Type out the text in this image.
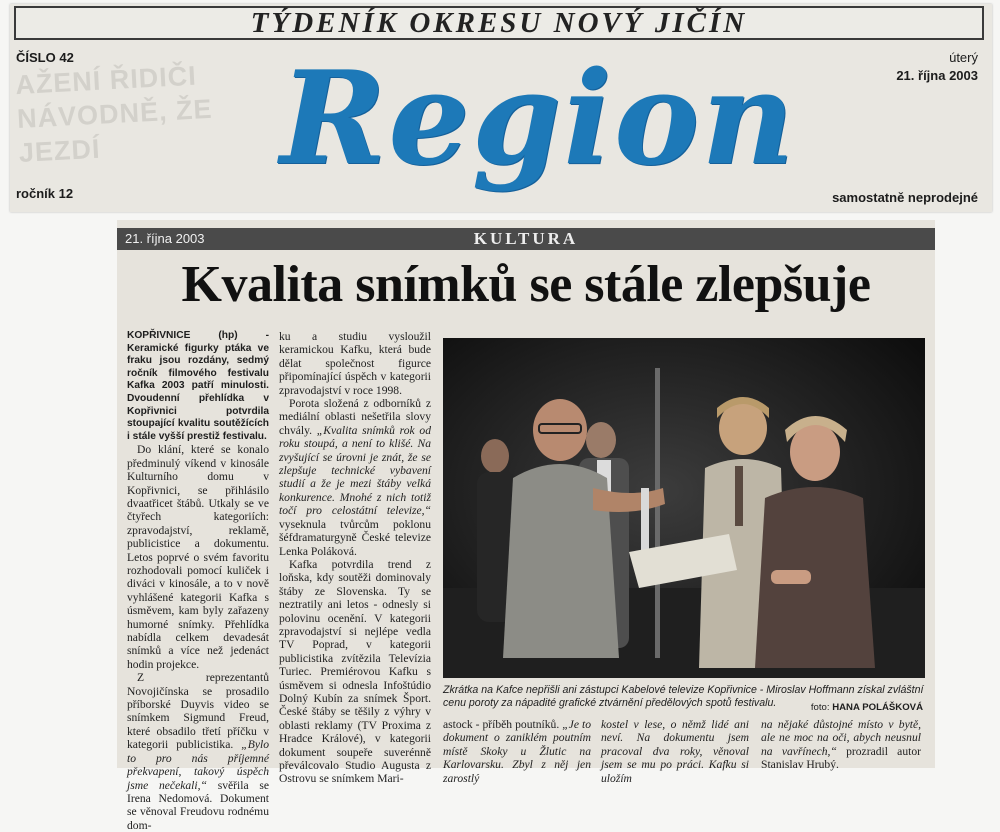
AŽENÍ ŘIDIČI NÁVODNĚ, ŽE JEZDÍ
TÝDENÍK OKRESU NOVÝ JIČÍN
ČÍSLO 42	úterý
21. října 2003
Region
ročník 12	samostatně neprodejné
21. října 2003	KULTURA
Kvalita snímků se stále zlepšuje

KOPŘIVNICE (hp) - Keramické figurky ptáka ve fraku jsou rozdány, sedmý ročník filmového festivalu Kafka 2003 patří minulosti. Dvoudenní přehlídka v Kopřivnici potvrdila stoupající kvalitu soutěžících i stále vyšší prestiž festivalu.

Do klání, které se konalo předminulý víkend v kinosále Kulturního domu v Kopřivnici, se přihlásilo dvaatřicet štábů. Utkaly se ve čtyřech kategoriích: zpravodajství, reklamě, publicistice a dokumentu. Letos poprvé o svém favoritu rozhodovali pomocí kuliček i diváci v kinosále, a to v nově vyhlášené kategorii Kafka s úsměvem, kam byly zařazeny humorné snímky. Přehlídka nabídla celkem devadesát snímků a více než jedenáct hodin projekce.

Z reprezentantů Novojičínska se prosadilo příborské Duyvis video se snímkem Sigmund Freud, které obsadilo třetí příčku v kategorii publicistika. „Bylo to pro nás příjemné překvapení, takový úspěch jsme nečekali,“ svěřila se Irena Nedomová. Dokument se věnoval Freudovu rodnému dom-

ku a studiu vysloužil keramickou Kafku, která bude dělat společnost figurce připomínající úspěch v kategorii zpravodajství v roce 1998.

Porota složená z odborníků z mediální oblasti nešetřila slovy chvály. „Kvalita snímků rok od roku stoupá, a není to klišé. Na zvyšující se úrovni je znát, že se zlepšuje technické vybavení studií a že je mezi štáby velká konkurence. Mnohé z nich totiž točí pro celostátní televize,“ vyseknula tvůrcům poklonu šéfdramaturgyně České televize Lenka Poláková.

Kafka potvrdila trend z loňska, kdy soutěži dominovaly štáby ze Slovenska. Ty se neztratily ani letos - odnesly si polovinu ocenění. V kategorii zpravodajství si nejlépe vedla TV Poprad, v kategorii publicistika zvítězila Televízia Turiec. Premiérovou Kafku s úsměvem si odnesla Infoštúdio Dolný Kubín za snímek Šport. České štáby se těšily z výhry v oblasti reklamy (TV Proxima z Hradce Králové), v kategorii dokument soupeře suverénně převálcovalo Studio Augusta z Ostrovu se snímkem Mari-

Zkrátka na Kafce nepřišli ani zástupci Kabelové televize Kopřivnice - Miroslav Hoffmann získal zvláštní cenu poroty za nápadité grafické ztvárnění předělových spotů festivalu.	foto: HANA POLÁŠKOVÁ
astock - příběh poutníků. „Je to dokument o zaniklém poutním místě Skoky u Žlutic na Karlovarsku. Zbyl z něj jen zarostlý
kostel v lese, o němž lidé ani neví. Na dokumentu jsem pracoval dva roky, věnoval jsem se mu po práci. Kafku si uložím
na nějaké důstojné místo v bytě, ale ne moc na oči, abych neusnul na vavřínech,“ prozradil autor Stanislav Hrubý.
